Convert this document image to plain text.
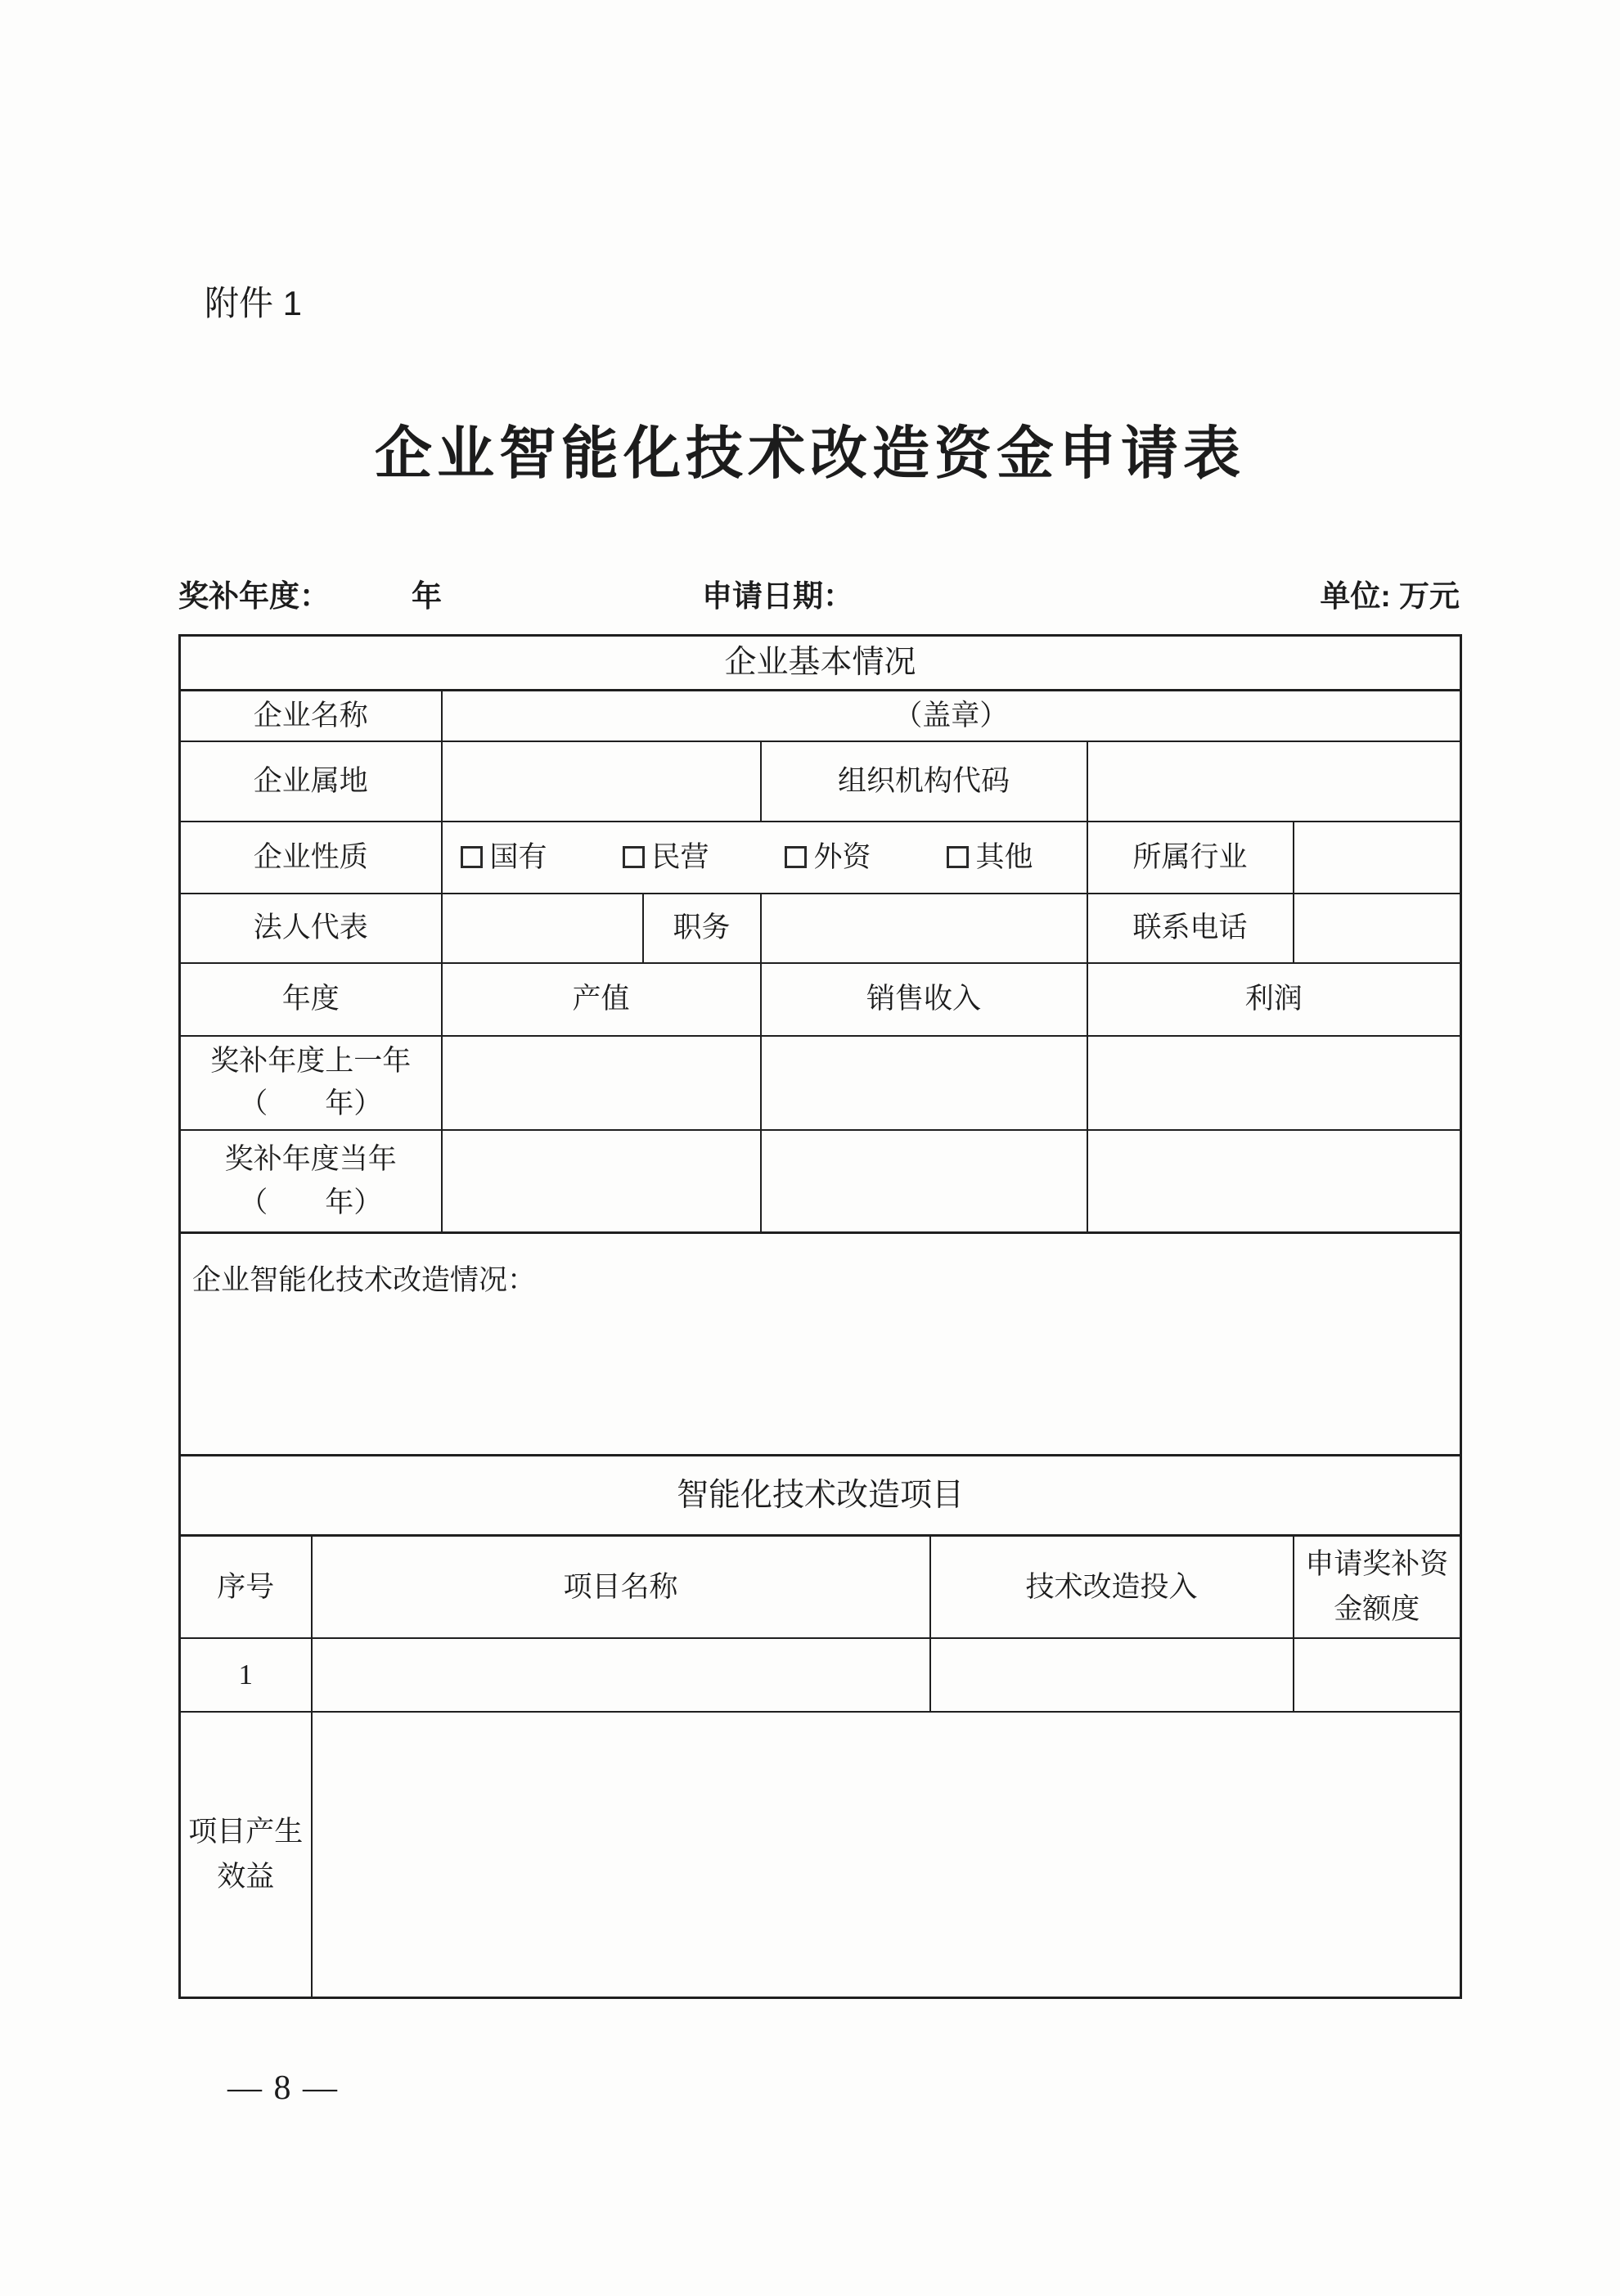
附件 1
企业智能化技术改造资金申请表
奖补年度：	年	申请日期：	单位: 万元
企业基本情况							
企业名称		（盖章）					
企业属地				组织机构代码			
企业性质		国有 民营 外资 其他				所属行业	
法人代表			职务			联系电话	
年度		产值		销售收入		利润	

奖补年度上一年
（　　年）							

奖补年度当年
（　　年）							

企业智能化技术改造情况：							
智能化技术改造项目							
序号	项目名称				技术改造投入		申请奖补资金额度
1							
项目产生效益							
— 8 —
